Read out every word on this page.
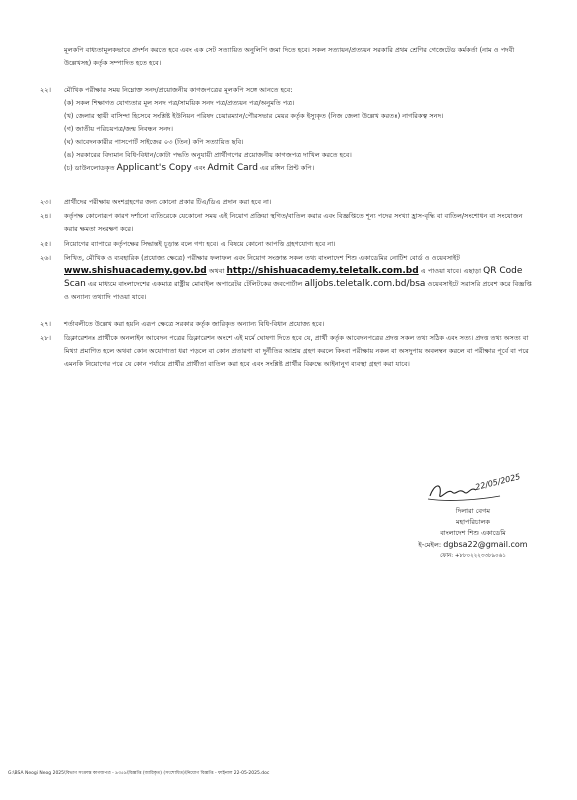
মূলকপি বাধ্যতামূলকভাবে প্রদর্শন করতে হবে এবং এক সেট সত্যায়িত অনুলিপি জমা দিতে হবে। সকল সত্যায়ন/প্রত্যয়ন সরকারি প্রথম শ্রেণির গেজেটেড কর্মকর্তা (নাম ও পদবী উল্লেখসহ) কর্তৃক সম্পাদিত হতে হবে।

২২।	মৌখিক পরীক্ষার সময় নিম্নোক্ত সনদ/প্রয়োজনীয় কাগজপত্রের মূলকপি সঙ্গে আনতে হবে:
(ক) সকল শিক্ষাগত যোগ্যতার মূল সনদ পত্র/সাময়িক সনদ পত্র/প্রত্যয়ন পত্র/অনুমতি পত্র।
(খ) জেলার স্থায়ী বাসিন্দা হিসেবে সংশ্লিষ্ট ইউনিয়ন পরিষদ চেয়ারম্যান/পৌরসভার মেয়র কর্তৃক ইস্যুকৃত (নিজ জেলা উল্লেখ করতঃ) নাগরিকত্ব সনদ।
(গ) জাতীয় পরিচয়পত্র/জন্ম নিবন্ধন সনদ।
(ঘ) আবেদনকারীর পাসপোর্ট সাইজের ০৩ (তিন) কপি সত্যায়িত ছবি।
(ঙ) সরকারের বিদ্যমান বিধি-বিধান/কোটা পদ্ধতি অনুযায়ী প্রার্থীগণের প্রয়োজনীয় কাগজপত্র দাখিল করতে হবে।
(চ) ডাউনলোডকৃত Applicant's Copy এবং Admit Card এর রঙ্গিন প্রিন্ট কপি।
২৩।	প্রার্থীদের পরীক্ষায় অংশগ্রহণের জন্য কোনো প্রকার টিএ/ডিএ প্রদান করা হবে না।
২৪।	কর্তৃপক্ষ কোনোরূপ কারণ দর্শানো ব্যতিরেকে যেকোনো সময় এই নিয়োগ প্রক্রিয়া স্থগিত/বাতিল করার এবং বিজ্ঞপ্তিতে শূন্য পদের সংখ্যা হ্রাস-বৃদ্ধি বা বাতিল/সংশোধন বা সংযোজন করার ক্ষমতা সংরক্ষণ করে।
২৫।	নিয়োগের ব্যাপারে কর্তৃপক্ষের সিদ্ধান্তই চূড়ান্ত বলে গণ্য হবে। এ বিষয়ে কোনো আপত্তি গ্রহণযোগ্য হবে না।
২৬।	লিখিত, মৌখিক ও ব্যবহারিক (প্রযোজ্য ক্ষেত্রে) পরীক্ষার ফলাফল এবং নিয়োগ সংক্রান্ত সকল তথ্য বাংলাদেশ শিশু একাডেমির নোটিশ বোর্ড ও ওয়েবসাইট www.shishuacademy.gov.bd অথবা http://shishuacademy.teletalk.com.bd এ পাওয়া যাবে। এছাড়া QR Code Scan এর মাধ্যমে বাংলাদেশের একমাত্র রাষ্ট্রীয় মোবাইল অপারেটর টেলিটকের জবপোর্টাল alljobs.teletalk.com.bd/bsa ওয়েবসাইটে সরাসরি প্রবেশ করে বিজ্ঞপ্তি ও অন্যান্য তথ্যাদি পাওয়া যাবে।
২৭।	শর্তাবলীতে উল্লেখ করা হয়নি এরূপ ক্ষেত্রে সরকার কর্তৃক জারিকৃত অন্যান্য বিধি-বিধান প্রযোজ্য হবে।
২৮।	ডিক্লারেশনঃ প্রার্থীকে অনলাইন আবেদন পত্রের ডিক্লারেশন অংশে এই মর্মে ঘোষণা দিতে হবে যে, প্রার্থী কর্তৃক আবেদনপত্রের প্রদত্ত সকল তথ্য সঠিক এবং সত্য। প্রদত্ত তথ্য অসত্য বা মিথ্যা প্রমাণিত হলে অথবা কোন অযোগ্যতা ধরা পড়লে বা কোন প্রতারণা বা দুর্নীতির আশ্রয় গ্রহণ করলে কিংবা পরীক্ষায় নকল বা অসদুপায় অবলম্বন করলে বা পরীক্ষার পূর্বে বা পরে এমনকি নিয়োগের পরে যে কোন পর্যায়ে প্রার্থীর প্রার্থীতা বাতিল করা হবে এবং সংশ্লিষ্ট প্রার্থীর বিরুদ্ধে আইনানুগ ব্যবস্থা গ্রহণ করা যাবে।
22/05/2025
দিলারা বেগম
মহাপরিচালক
বাংলাদেশ শিশু একাডেমি
ই-মেইল: dgbsa22@gmail.com
ফোন: +৮৮০২২২৩৩৮৯০৬১
G:\BSA Neogi Neog 2025\বিভাগ সংক্রান্ত কাগজপত্র - ৯৩৫৯\বিজ্ঞপ্তি (জারিকৃত) (সংশোধিত)\নিয়োগ বিজ্ঞপ্তি - ফাইনাল 22-05-2025.doc
